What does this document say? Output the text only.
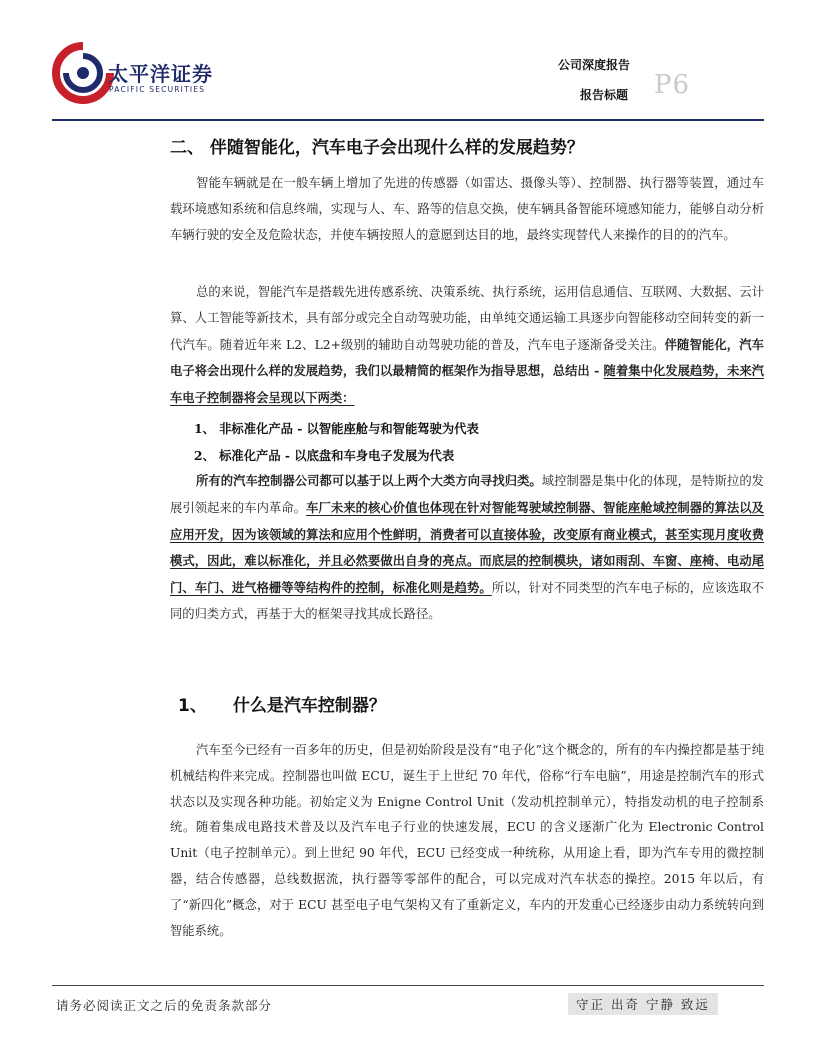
太平洋证券
PACIFIC SECURITIES
公司深度报告
报告标题 P6
二、 伴随智能化，汽车电子会出现什么样的发展趋势？
智能车辆就是在一般车辆上增加了先进的传感器（如雷达、摄像头等）、控制器、执行器等装置，通过车载环境感知系统和信息终端，实现与人、车、路等的信息交换，使车辆具备智能环境感知能力，能够自动分析车辆行驶的安全及危险状态，并使车辆按照人的意愿到达目的地，最终实现替代人来操作的目的的汽车。
总的来说，智能汽车是搭载先进传感系统、决策系统、执行系统，运用信息通信、互联网、大数据、云计算、人工智能等新技术，具有部分或完全自动驾驶功能，由单纯交通运输工具逐步向智能移动空间转变的新一代汽车。随着近年来 L2、L2+级别的辅助自动驾驶功能的普及，汽车电子逐渐备受关注。伴随智能化，汽车电子将会出现什么样的发展趋势，我们以最精简的框架作为指导思想，总结出 - 随着集中化发展趋势，未来汽车电子控制器将会呈现以下两类：
1、 非标准化产品 - 以智能座舱与和智能驾驶为代表
2、 标准化产品 - 以底盘和车身电子发展为代表
所有的汽车控制器公司都可以基于以上两个大类方向寻找归类。域控制器是集中化的体现，是特斯拉的发展引领起来的车内革命。车厂未来的核心价值也体现在针对智能驾驶域控制器、智能座舱域控制器的算法以及应用开发，因为该领域的算法和应用个性鲜明，消费者可以直接体验，改变原有商业模式，甚至实现月度收费模式，因此，难以标准化，并且必然要做出自身的亮点。而底层的控制模块，诸如雨刮、车窗、座椅、电动尾门、车门、进气格栅等等结构件的控制，标准化则是趋势。所以，针对不同类型的汽车电子标的，应该选取不同的归类方式，再基于大的框架寻找其成长路径。
1、 什么是汽车控制器？
汽车至今已经有一百多年的历史，但是初始阶段是没有“电子化”这个概念的，所有的车内操控都是基于纯机械结构件来完成。控制器也叫做 ECU，诞生于上世纪 70 年代，俗称“行车电脑”，用途是控制汽车的形式状态以及实现各种功能。初始定义为 Enigne Control Unit（发动机控制单元），特指发动机的电子控制系统。随着集成电路技术普及以及汽车电子行业的快速发展，ECU 的含义逐渐广化为 Electronic Control Unit（电子控制单元）。到上世纪 90 年代，ECU 已经变成一种统称，从用途上看，即为汽车专用的微控制器，结合传感器，总线数据流，执行器等零部件的配合，可以完成对汽车状态的操控。2015 年以后，有了“新四化”概念，对于 ECU 甚至电子电气架构又有了重新定义，车内的开发重心已经逐步由动力系统转向到智能系统。
请务必阅读正文之后的免责条款部分	守正 出奇 宁静 致远
